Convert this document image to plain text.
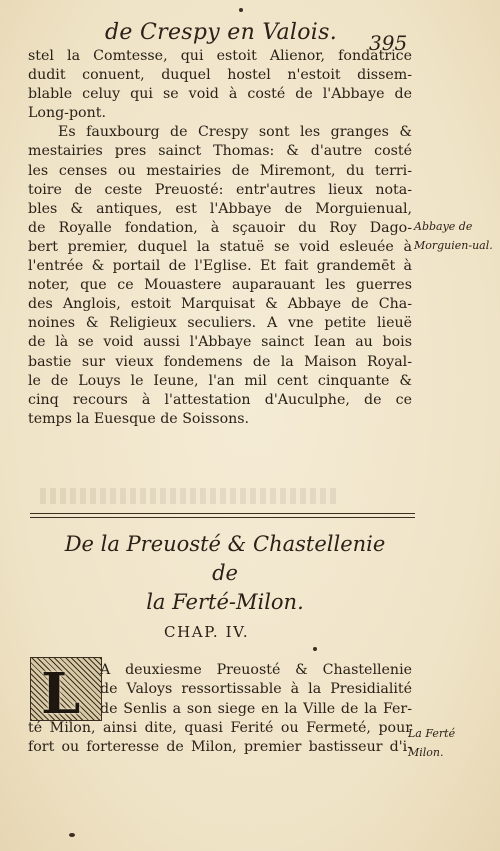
de Crespy en Valois. 395
stel la Comtesse, qui estoit Alienor, fondatrice
dudit conuent, duquel hostel n'estoit dissem-
blable celuy qui se void à costé de l'Abbaye de
Long-pont.
Es fauxbourg de Crespy sont les granges &
mestairies pres sainct Thomas: & d'autre costé
les censes ou mestairies de Miremont, du terri-
toire de ceste Preuosté: entr'autres lieux nota-
bles & antiques, est l'Abbaye de Morguienual,
de Royalle fondation, à sçauoir du Roy Dago-
bert premier, duquel la statuë se void esleuée à
l'entrée & portail de l'Eglise. Et fait grandemēt à
noter, que ce Mouastere auparauant les guerres
des Anglois, estoit Marquisat & Abbaye de Cha-
noines & Religieux seculiers. A vne petite lieuë
de là se void aussi l'Abbaye sainct Iean au bois
bastie sur vieux fondemens de la Maison Royal-
le de Louys le Ieune, l'an mil cent cinquante &
cinq recours à l'attestation d'Auculphe, de ce
temps la Euesque de Soissons.
Abbaye de Morguien-ual.
De la Preuosté & Chastellenie de
la Ferté-Milon.
CHAP. IV.
L	A deuxiesme Preuosté & Chastellenie
de Valoys ressortissable à la Presidialité
de Senlis a son siege en la Ville de la Fer-
té Milon, ainsi dite, quasi Ferité ou Fermeté, pour
fort ou forteresse de Milon, premier bastisseur d'i-
La Ferté Milon.
